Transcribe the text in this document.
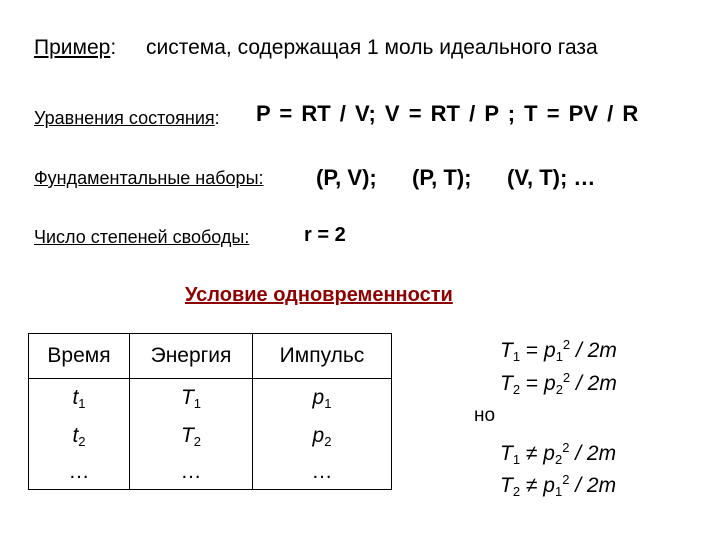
Пример: система, содержащая 1 моль идеального газа
Уравнения состояния: P = RT / V; V = RT / P ; T = PV / R
Фундаментальные наборы: (P, V); (P, T); (V, T); …
Число степеней свободы:	r = 2
Условие одновременности
Время	Энергия	Импульс
$t_1$	$T_1$	$p_1$
$t_2$	$T_2$	$p_2$
…	…	…
$T_1 = p_1^2 / 2m$
$T_2 = p_2^2 / 2m$
но
$T_1 \ne p_2^2 / 2m$
$T_2 \ne p_1^2 / 2m$
